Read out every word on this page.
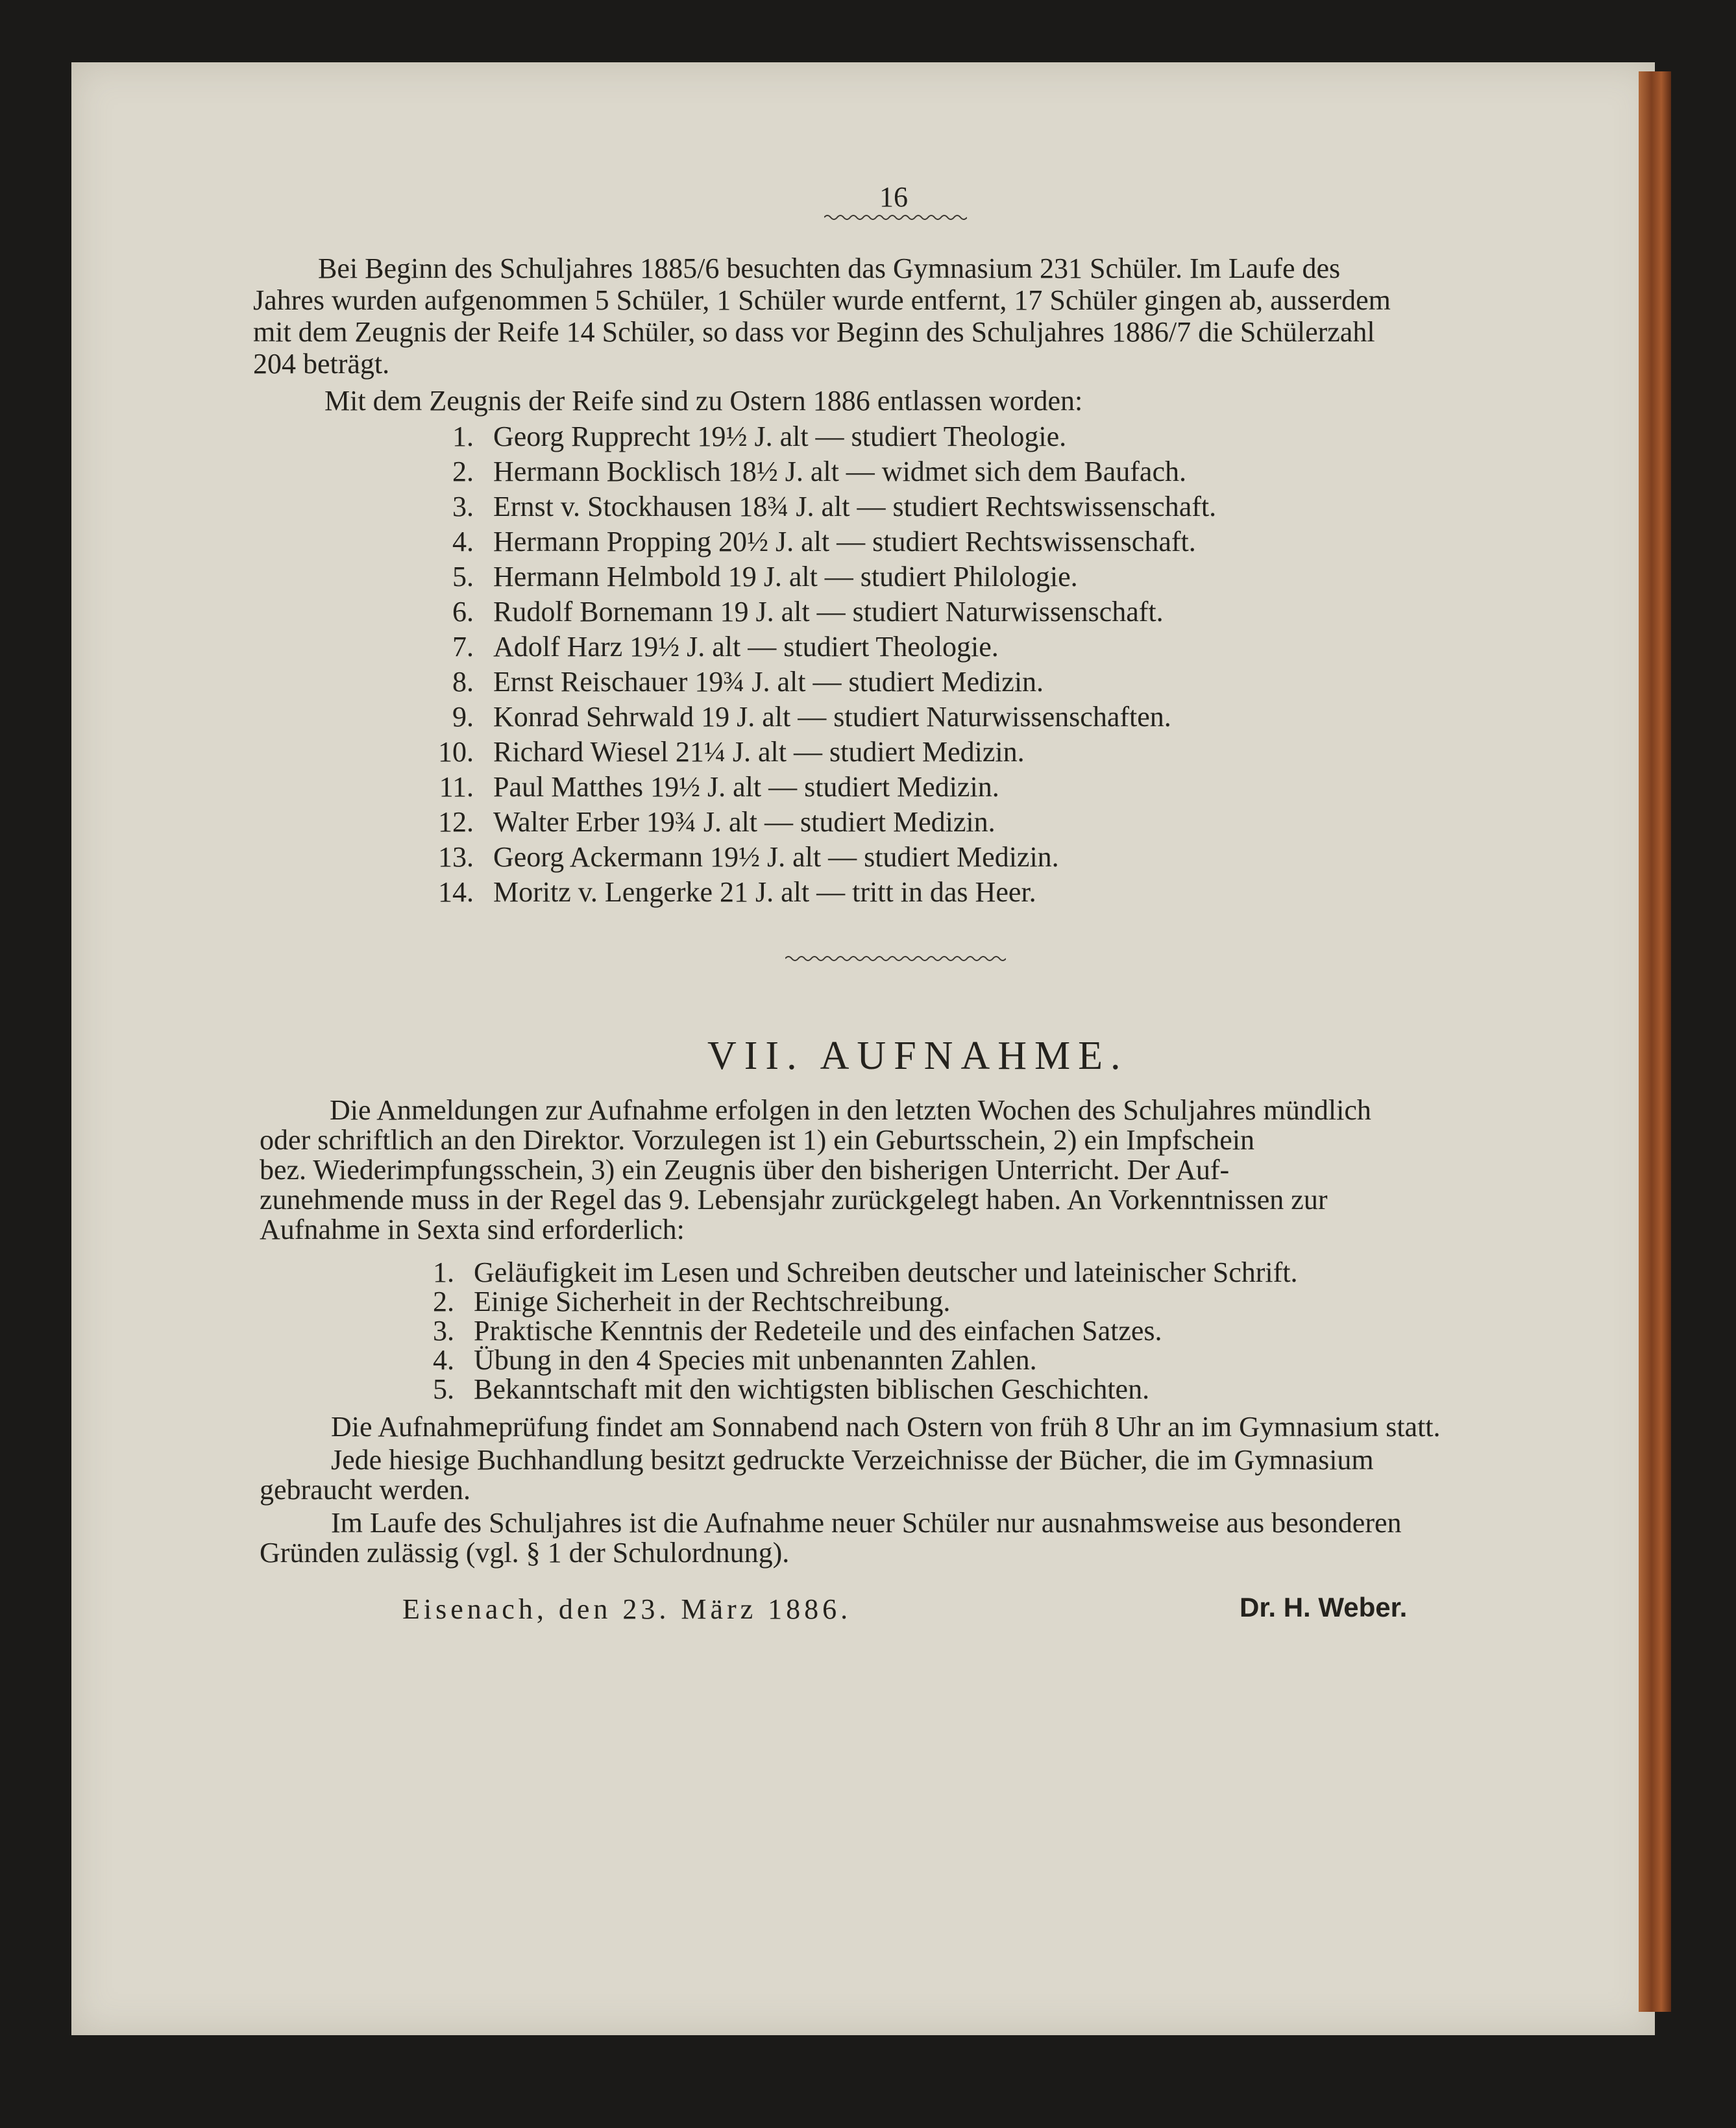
16
Bei Beginn des Schuljahres 1885/6 besuchten das Gymnasium 231 Schüler. Im Laufe des
Jahres wurden aufgenommen 5 Schüler, 1 Schüler wurde entfernt, 17 Schüler gingen ab, ausserdem
mit dem Zeugnis der Reife 14 Schüler, so dass vor Beginn des Schuljahres 1886/7 die Schülerzahl
204 beträgt.
Mit dem Zeugnis der Reife sind zu Ostern 1886 entlassen worden:
1. Georg Rupprecht 19½ J. alt — studiert Theologie.
2. Hermann Bocklisch 18½ J. alt — widmet sich dem Baufach.
3. Ernst v. Stockhausen 18¾ J. alt — studiert Rechtswissenschaft.
4. Hermann Propping 20½ J. alt — studiert Rechtswissenschaft.
5. Hermann Helmbold 19 J. alt — studiert Philologie.
6. Rudolf Bornemann 19 J. alt — studiert Naturwissenschaft.
7. Adolf Harz 19½ J. alt — studiert Theologie.
8. Ernst Reischauer 19¾ J. alt — studiert Medizin.
9. Konrad Sehrwald 19 J. alt — studiert Naturwissenschaften.
10. Richard Wiesel 21¼ J. alt — studiert Medizin.
11. Paul Matthes 19½ J. alt — studiert Medizin.
12. Walter Erber 19¾ J. alt — studiert Medizin.
13. Georg Ackermann 19½ J. alt — studiert Medizin.
14. Moritz v. Lengerke 21 J. alt — tritt in das Heer.
VII. AUFNAHME.
Die Anmeldungen zur Aufnahme erfolgen in den letzten Wochen des Schuljahres mündlich
oder schriftlich an den Direktor. Vorzulegen ist 1) ein Geburtsschein, 2) ein Impfschein
bez. Wiederimpfungsschein, 3) ein Zeugnis über den bisherigen Unterricht. Der Auf-
zunehmende muss in der Regel das 9. Lebensjahr zurückgelegt haben. An Vorkenntnissen zur
Aufnahme in Sexta sind erforderlich:
1. Geläufigkeit im Lesen und Schreiben deutscher und lateinischer Schrift.
2. Einige Sicherheit in der Rechtschreibung.
3. Praktische Kenntnis der Redeteile und des einfachen Satzes.
4. Übung in den 4 Species mit unbenannten Zahlen.
5. Bekanntschaft mit den wichtigsten biblischen Geschichten.
Die Aufnahmeprüfung findet am Sonnabend nach Ostern von früh 8 Uhr an im Gymnasium statt.
Jede hiesige Buchhandlung besitzt gedruckte Verzeichnisse der Bücher, die im Gymnasium
gebraucht werden.
Im Laufe des Schuljahres ist die Aufnahme neuer Schüler nur ausnahmsweise aus besonderen
Gründen zulässig (vgl. § 1 der Schulordnung).
Eisenach, den 23. März 1886.	Dr. H. Weber.
